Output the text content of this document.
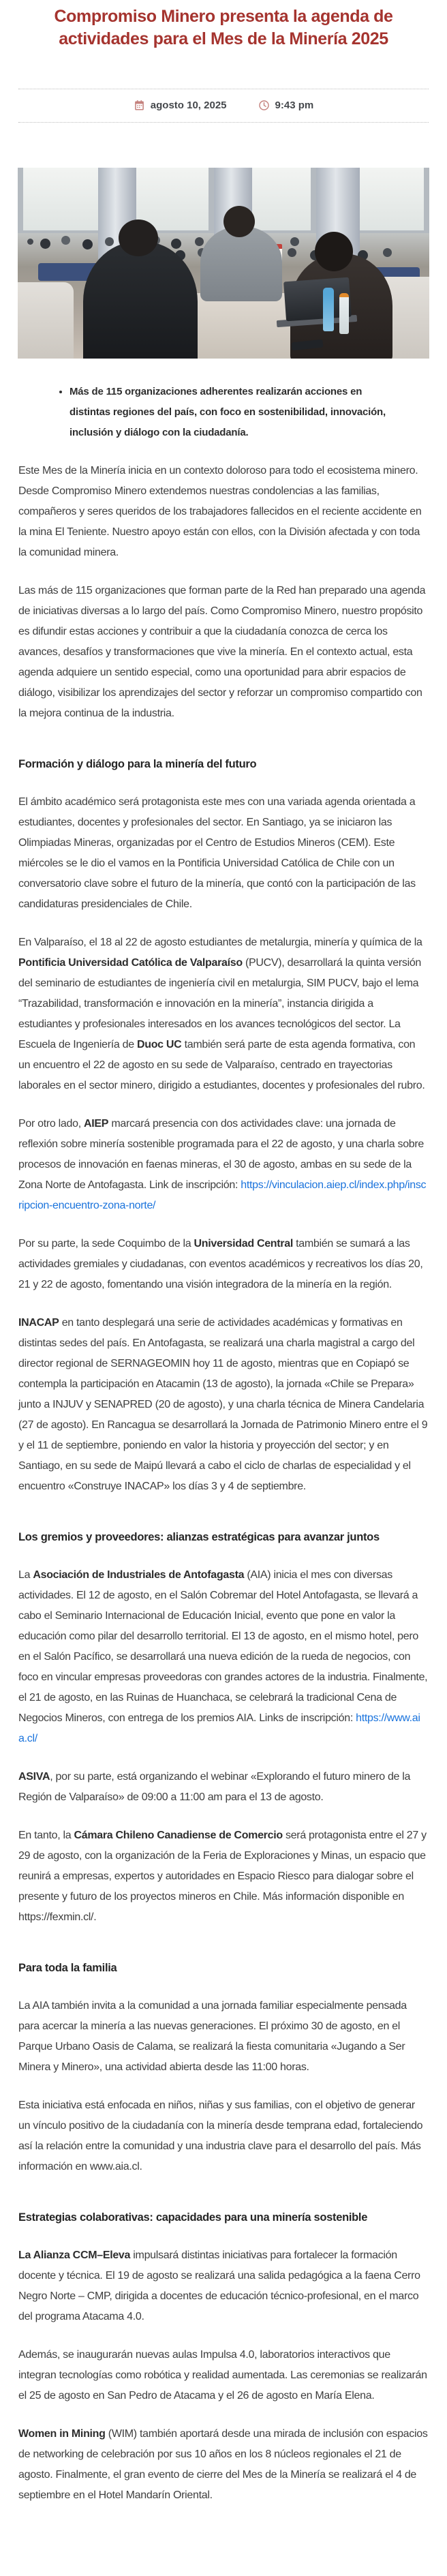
Compromiso Minero presenta la agenda de actividades para el Mes de la Minería 2025
agosto 10, 2025	9:43 pm
• Más de 115 organizaciones adherentes realizarán acciones en distintas regiones del país, con foco en sostenibilidad, innovación, inclusión y diálogo con la ciudadanía.

Este Mes de la Minería inicia en un contexto doloroso para todo el ecosistema minero. Desde Compromiso Minero extendemos nuestras condolencias a las familias, compañeros y seres queridos de los trabajadores fallecidos en el reciente accidente en la mina El Teniente. Nuestro apoyo están con ellos, con la División afectada y con toda la comunidad minera.

Las más de 115 organizaciones que forman parte de la Red han preparado una agenda de iniciativas diversas a lo largo del país. Como Compromiso Minero, nuestro propósito es difundir estas acciones y contribuir a que la ciudadanía conozca de cerca los avances, desafíos y transformaciones que vive la minería. En el contexto actual, esta agenda adquiere un sentido especial, como una oportunidad para abrir espacios de diálogo, visibilizar los aprendizajes del sector y reforzar un compromiso compartido con la mejora continua de la industria.

Formación y diálogo para la minería del futuro

El ámbito académico será protagonista este mes con una variada agenda orientada a estudiantes, docentes y profesionales del sector. En Santiago, ya se iniciaron las Olimpiadas Mineras, organizadas por el Centro de Estudios Mineros (CEM). Este miércoles se le dio el vamos en la Pontificia Universidad Católica de Chile con un conversatorio clave sobre el futuro de la minería, que contó con la participación de las candidaturas presidenciales de Chile.

En Valparaíso, el 18 al 22 de agosto estudiantes de metalurgia, minería y química de la Pontificia Universidad Católica de Valparaíso (PUCV), desarrollará la quinta versión del seminario de estudiantes de ingeniería civil en metalurgia, SIM PUCV, bajo el lema “Trazabilidad, transformación e innovación en la minería”, instancia dirigida a estudiantes y profesionales interesados en los avances tecnológicos del sector. La Escuela de Ingeniería de Duoc UC también será parte de esta agenda formativa, con un encuentro el 22 de agosto en su sede de Valparaíso, centrado en trayectorias laborales en el sector minero, dirigido a estudiantes, docentes y profesionales del rubro.

Por otro lado, AIEP marcará presencia con dos actividades clave: una jornada de reflexión sobre minería sostenible programada para el 22 de agosto, y una charla sobre procesos de innovación en faenas mineras, el 30 de agosto, ambas en su sede de la Zona Norte de Antofagasta. Link de inscripción: https://vinculacion.aiep.cl/index.php/inscripcion-encuentro-zona-norte/

Por su parte, la sede Coquimbo de la Universidad Central también se sumará a las actividades gremiales y ciudadanas, con eventos académicos y recreativos los días 20, 21 y 22 de agosto, fomentando una visión integradora de la minería en la región.

INACAP en tanto desplegará una serie de actividades académicas y formativas en distintas sedes del país. En Antofagasta, se realizará una charla magistral a cargo del director regional de SERNAGEOMIN hoy 11 de agosto, mientras que en Copiapó se contempla la participación en Atacamin (13 de agosto), la jornada «Chile se Prepara» junto a INJUV y SENAPRED (20 de agosto), y una charla técnica de Minera Candelaria (27 de agosto). En Rancagua se desarrollará la Jornada de Patrimonio Minero entre el 9 y el 11 de septiembre, poniendo en valor la historia y proyección del sector; y en Santiago, en su sede de Maipú llevará a cabo el ciclo de charlas de especialidad y el encuentro «Construye INACAP» los días 3 y 4 de septiembre.

Los gremios y proveedores: alianzas estratégicas para avanzar juntos

La Asociación de Industriales de Antofagasta (AIA) inicia el mes con diversas actividades. El 12 de agosto, en el Salón Cobremar del Hotel Antofagasta, se llevará a cabo el Seminario Internacional de Educación Inicial, evento que pone en valor la educación como pilar del desarrollo territorial. El 13 de agosto, en el mismo hotel, pero en el Salón Pacífico, se desarrollará una nueva edición de la rueda de negocios, con foco en vincular empresas proveedoras con grandes actores de la industria. Finalmente, el 21 de agosto, en las Ruinas de Huanchaca, se celebrará la tradicional Cena de Negocios Mineros, con entrega de los premios AIA. Links de inscripción: https://www.aia.cl/

ASIVA, por su parte, está organizando el webinar «Explorando el futuro minero de la Región de Valparaíso» de 09:00 a 11:00 am para el 13 de agosto.

En tanto, la Cámara Chileno Canadiense de Comercio será protagonista entre el 27 y 29 de agosto, con la organización de la Feria de Exploraciones y Minas, un espacio que reunirá a empresas, expertos y autoridades en Espacio Riesco para dialogar sobre el presente y futuro de los proyectos mineros en Chile. Más información disponible en https://fexmin.cl/.

Para toda la familia

La AIA también invita a la comunidad a una jornada familiar especialmente pensada para acercar la minería a las nuevas generaciones. El próximo 30 de agosto, en el Parque Urbano Oasis de Calama, se realizará la fiesta comunitaria «Jugando a Ser Minera y Minero», una actividad abierta desde las 11:00 horas.

Esta iniciativa está enfocada en niños, niñas y sus familias, con el objetivo de generar un vínculo positivo de la ciudadanía con la minería desde temprana edad, fortaleciendo así la relación entre la comunidad y una industria clave para el desarrollo del país. Más información en www.aia.cl.

Estrategias colaborativas: capacidades para una minería sostenible

La Alianza CCM–Eleva impulsará distintas iniciativas para fortalecer la formación docente y técnica. El 19 de agosto se realizará una salida pedagógica a la faena Cerro Negro Norte – CMP, dirigida a docentes de educación técnico-profesional, en el marco del programa Atacama 4.0.

Además, se inaugurarán nuevas aulas Impulsa 4.0, laboratorios interactivos que integran tecnologías como robótica y realidad aumentada. Las ceremonias se realizarán el 25 de agosto en San Pedro de Atacama y el 26 de agosto en María Elena.

Women in Mining (WIM) también aportará desde una mirada de inclusión con espacios de networking de celebración por sus 10 años en los 8 núcleos regionales el 21 de agosto. Finalmente, el gran evento de cierre del Mes de la Minería se realizará el 4 de septiembre en el Hotel Mandarín Oriental.
